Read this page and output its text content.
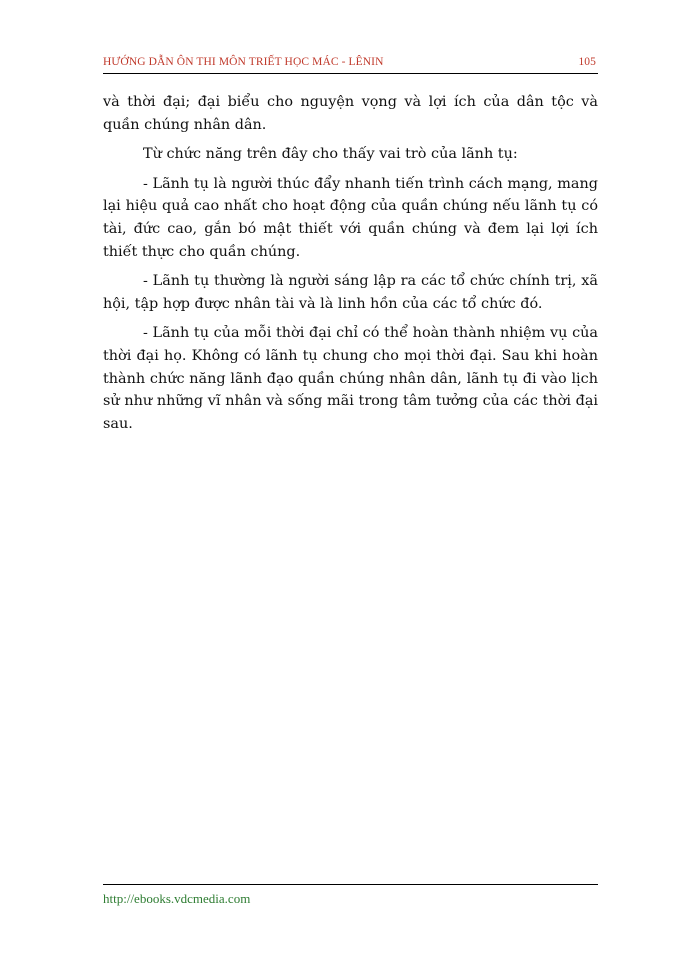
HƯỚNG DẪN ÔN THI MÔN TRIẾT HỌC MÁC - LÊNIN	105

và thời đại; đại biểu cho nguyện vọng và lợi ích của dân tộc và quần chúng nhân dân.

Từ chức năng trên đây cho thấy vai trò của lãnh tụ:

- Lãnh tụ là người thúc đẩy nhanh tiến trình cách mạng, mang lại hiệu quả cao nhất cho hoạt động của quần chúng nếu lãnh tụ có tài, đức cao, gắn bó mật thiết với quần chúng và đem lại lợi ích thiết thực cho quần chúng.

- Lãnh tụ thường là người sáng lập ra các tổ chức chính trị, xã hội, tập hợp được nhân tài và là linh hồn của các tổ chức đó.

- Lãnh tụ của mỗi thời đại chỉ có thể hoàn thành nhiệm vụ của thời đại họ. Không có lãnh tụ chung cho mọi thời đại. Sau khi hoàn thành chức năng lãnh đạo quần chúng nhân dân, lãnh tụ đi vào lịch sử như những vĩ nhân và sống mãi trong tâm tưởng của các thời đại sau.

http://ebooks.vdcmedia.com
